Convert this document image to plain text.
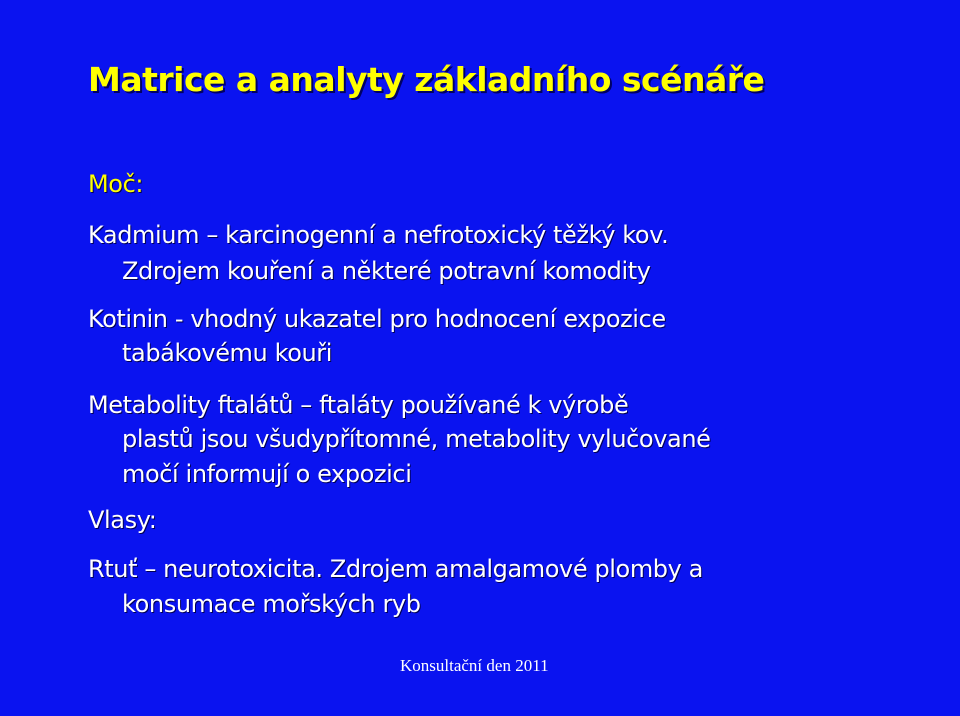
Matrice a analyty základního scénáře
Moč:
Kadmium – karcinogenní a nefrotoxický těžký kov.
Zdrojem kouření a některé potravní komodity
Kotinin - vhodný ukazatel pro hodnocení expozice
tabákovému kouři
Metabolity ftalátů – ftaláty používané k výrobě
plastů jsou všudypřítomné, metabolity vylučované
močí informují o expozici
Vlasy:
Rtuť – neurotoxicita. Zdrojem amalgamové plomby a
konsumace mořských ryb
Konsultační den 2011
